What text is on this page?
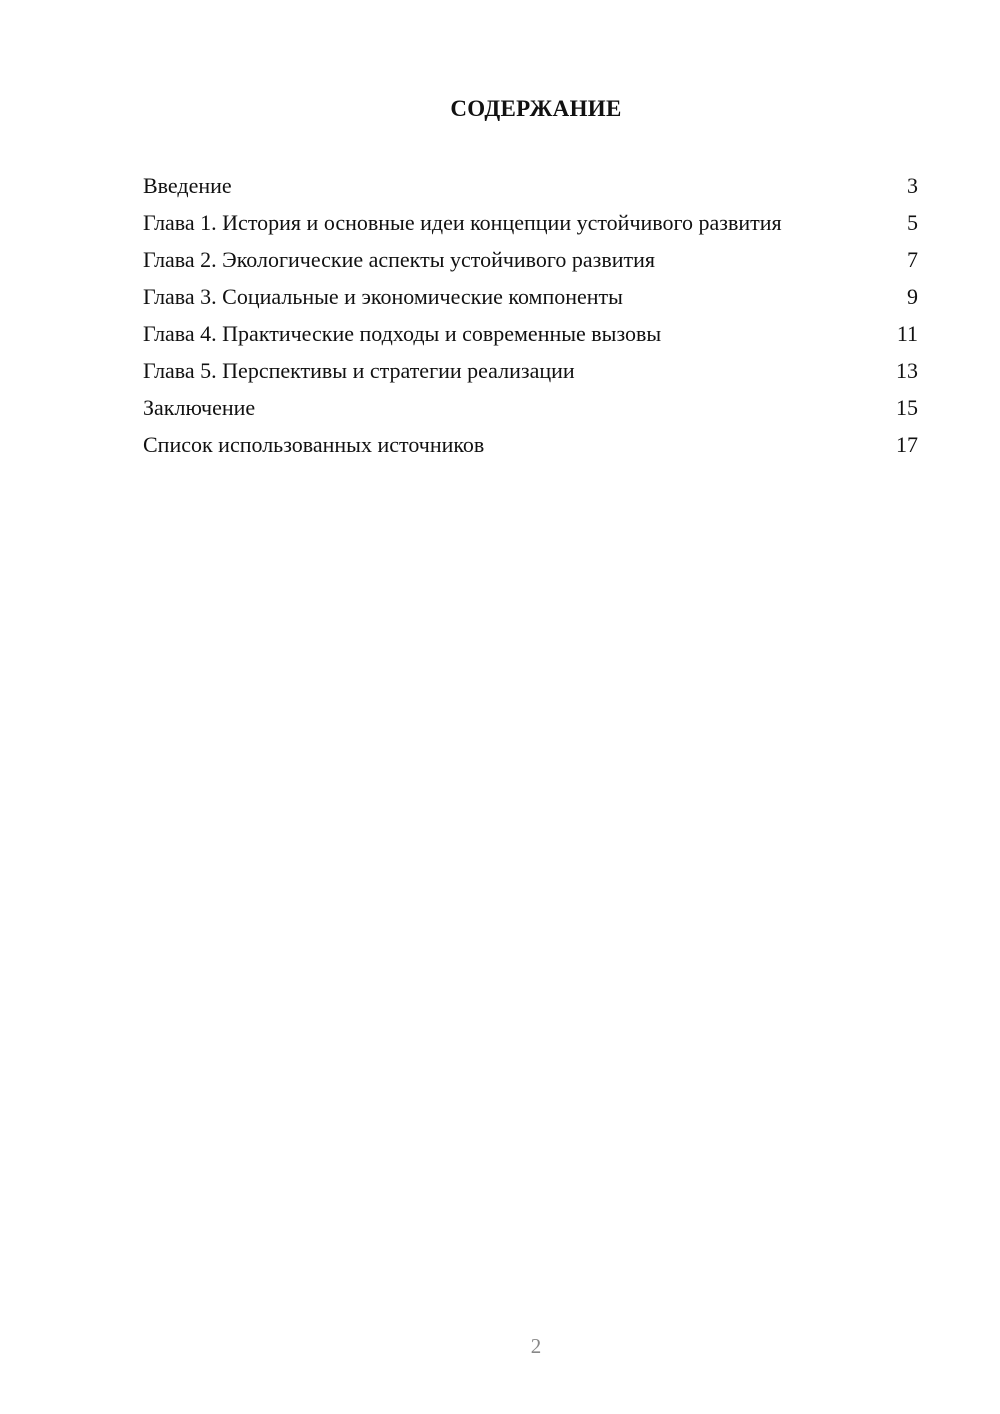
СОДЕРЖАНИЕ
Введение	3
Глава 1. История и основные идеи концепции устойчивого развития	5
Глава 2. Экологические аспекты устойчивого развития	7
Глава 3. Социальные и экономические компоненты	9
Глава 4. Практические подходы и современные вызовы	11
Глава 5. Перспективы и стратегии реализации	13
Заключение	15
Список использованных источников	17
2
